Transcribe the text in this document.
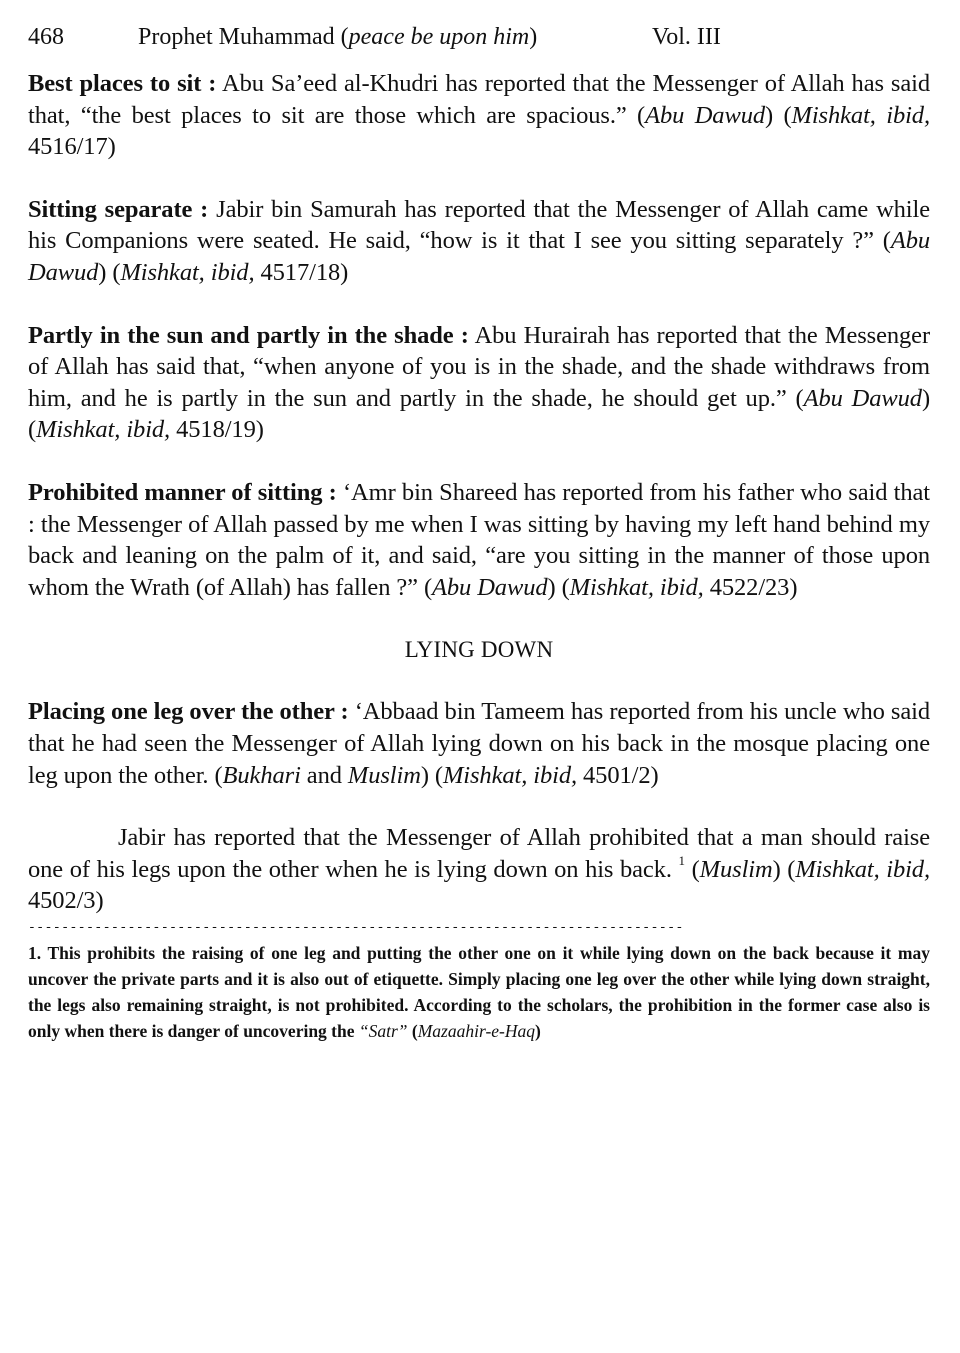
468	Prophet Muhammad (peace be upon him)	Vol. III

Best places to sit : Abu Sa’eed al-Khudri has reported that the Messenger of Allah has said that, “the best places to sit are those which are spacious.” (Abu Dawud) (Mishkat, ibid, 4516/17)

Sitting separate : Jabir bin Samurah has reported that the Messenger of Allah came while his Companions were seated. He said, “how is it that I see you sitting separately ?” (Abu Dawud) (Mishkat, ibid, 4517/18)

Partly in the sun and partly in the shade : Abu Hurairah has reported that the Messenger of Allah has said that, “when anyone of you is in the shade, and the shade withdraws from him, and he is partly in the sun and partly in the shade, he should get up.” (Abu Dawud) (Mishkat, ibid, 4518/19)

Prohibited manner of sitting : ‘Amr bin Shareed has reported from his father who said that : the Messenger of Allah passed by me when I was sitting by having my left hand behind my back and leaning on the palm of it, and said, “are you sitting in the manner of those upon whom the Wrath (of Allah) has fallen ?” (Abu Dawud) (Mishkat, ibid, 4522/23)

LYING DOWN

Placing one leg over the other : ‘Abbaad bin Tameem has reported from his uncle who said that he had seen the Messenger of Allah lying down on his back in the mosque placing one leg upon the other. (Bukhari and Muslim) (Mishkat, ibid, 4501/2)

Jabir has reported that the Messenger of Allah prohibited that a man should raise one of his legs upon the other when he is lying down on his back. $^1$ (Muslim) (Mishkat, ibid, 4502/3)

-------------------------------------------------------------------------------

1. This prohibits the raising of one leg and putting the other one on it while lying down on the back because it may uncover the private parts and it is also out of etiquette. Simply placing one leg over the other while lying down straight, the legs also remaining straight, is not prohibited. According to the scholars, the prohibition in the former case also is only when there is danger of uncovering the “Satr” (Mazaahir-e-Haq)
